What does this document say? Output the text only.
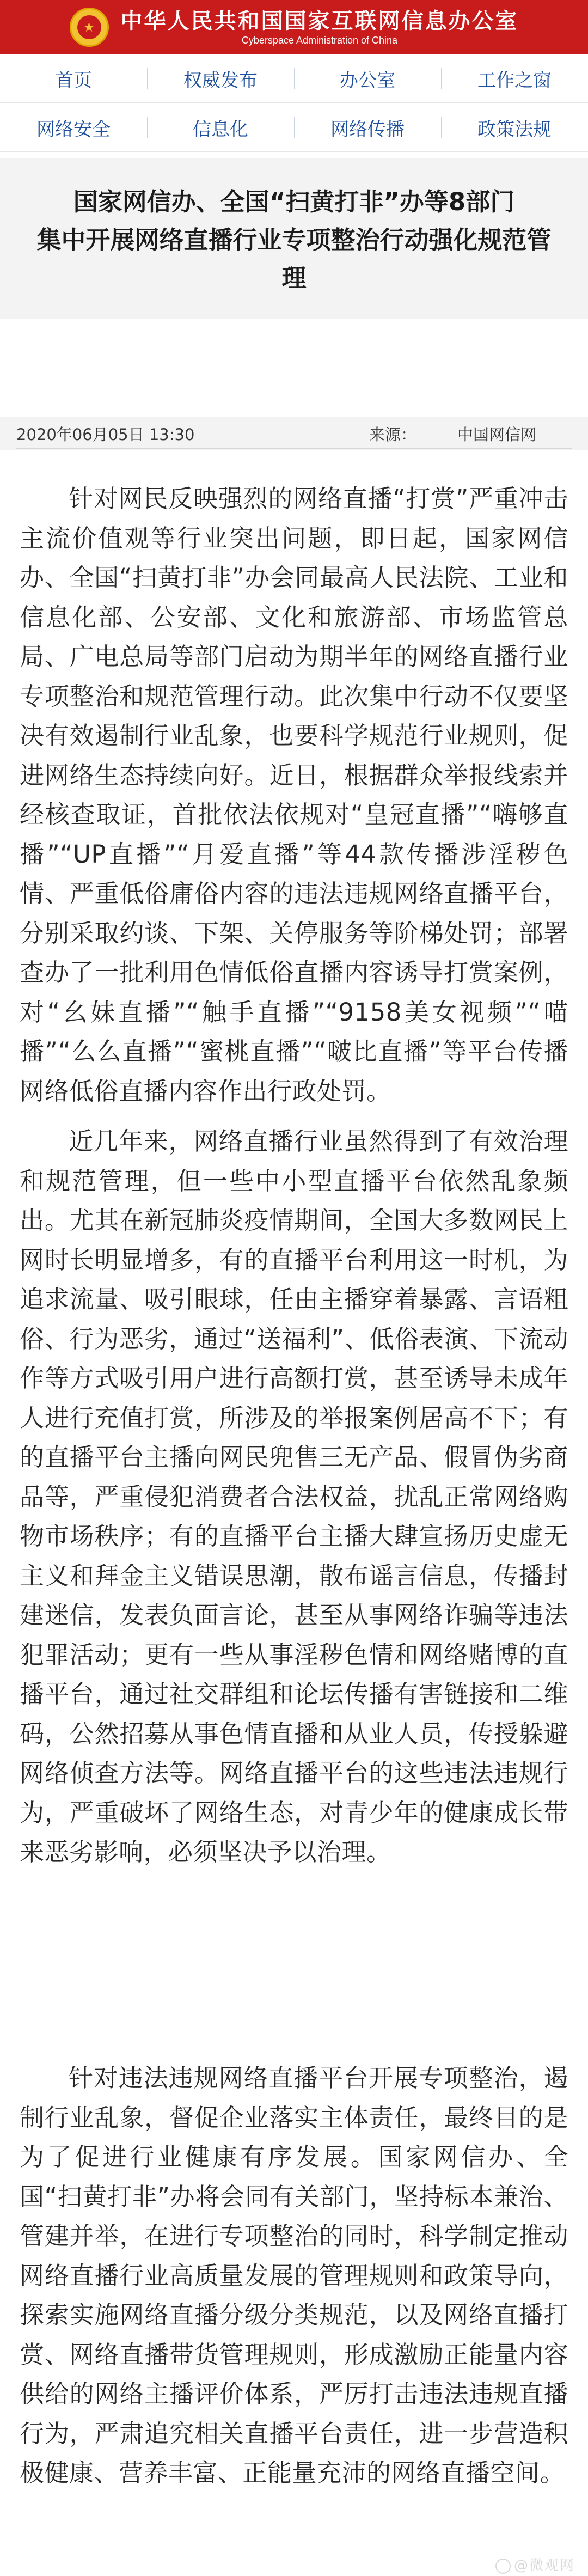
★ 中华人民共和国国家互联网信息办公室
Cyberspace Administration of China
首页	权威发布	办公室	工作之窗
网络安全	信息化	网络传播	政策法规

国家网信办、全国“扫黄打非”办等8部门

集中开展网络直播行业专项整治行动强化规范管理

2020年06月05日 13:30	来源：	中国网信网

针对网民反映强烈的网络直播“打赏”严重冲击主流价值观等行业突出问题，即日起，国家网信办、全国“扫黄打非”办会同最高人民法院、工业和信息化部、公安部、文化和旅游部、市场监管总局、广电总局等部门启动为期半年的网络直播行业专项整治和规范管理行动。此次集中行动不仅要坚决有效遏制行业乱象，也要科学规范行业规则，促进网络生态持续向好。近日，根据群众举报线索并经核查取证，首批依法依规对“皇冠直播”“嗨够直播”“UP直播”“月爱直播”等44款传播涉淫秽色情、严重低俗庸俗内容的违法违规网络直播平台，分别采取约谈、下架、关停服务等阶梯处罚；部署查办了一批利用色情低俗直播内容诱导打赏案例，对“幺妹直播”“触手直播”“9158美女视频”“喵播”“么么直播”“蜜桃直播”“啵比直播”等平台传播网络低俗直播内容作出行政处罚。

近几年来，网络直播行业虽然得到了有效治理和规范管理，但一些中小型直播平台依然乱象频出。尤其在新冠肺炎疫情期间，全国大多数网民上网时长明显增多，有的直播平台利用这一时机，为追求流量、吸引眼球，任由主播穿着暴露、言语粗俗、行为恶劣，通过“送福利”、低俗表演、下流动作等方式吸引用户进行高额打赏，甚至诱导未成年人进行充值打赏，所涉及的举报案例居高不下；有的直播平台主播向网民兜售三无产品、假冒伪劣商品等，严重侵犯消费者合法权益，扰乱正常网络购物市场秩序；有的直播平台主播大肆宣扬历史虚无主义和拜金主义错误思潮，散布谣言信息，传播封建迷信，发表负面言论，甚至从事网络诈骗等违法犯罪活动；更有一些从事淫秽色情和网络赌博的直播平台，通过社交群组和论坛传播有害链接和二维码，公然招募从事色情直播和从业人员，传授躲避网络侦查方法等。网络直播平台的这些违法违规行为，严重破坏了网络生态，对青少年的健康成长带来恶劣影响，必须坚决予以治理。

针对违法违规网络直播平台开展专项整治，遏制行业乱象，督促企业落实主体责任，最终目的是为了促进行业健康有序发展。国家网信办、全国“扫黄打非”办将会同有关部门，坚持标本兼治、管建并举，在进行专项整治的同时，科学制定推动网络直播行业高质量发展的管理规则和政策导向，探索实施网络直播分级分类规范，以及网络直播打赏、网络直播带货管理规则，形成激励正能量内容供给的网络主播评价体系，严厉打击违法违规直播行为，严肃追究相关直播平台责任，进一步营造积极健康、营养丰富、正能量充沛的网络直播空间。

@微观网
